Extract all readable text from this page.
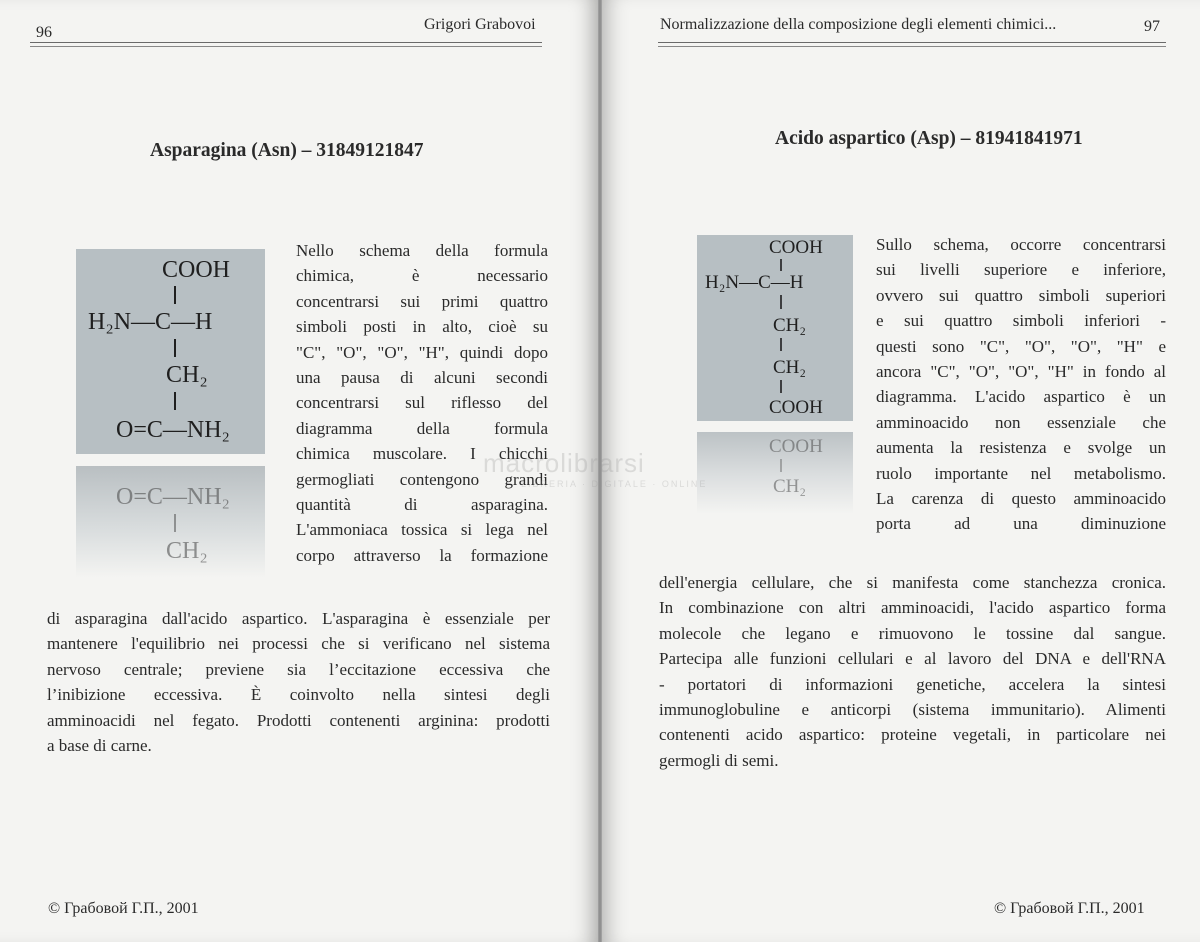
96	Grigori Grabovoi
Asparagina (Asn) – 31849121847
COOH
H₂N—C—H
CH₂
O=C—NH₂
O=C—NH₂
CH₂
Nello schema della formula
chimica, è necessario
concentrarsi sui primi quattro
simboli posti in alto, cioè su
"C", "O", "O", "H", quindi dopo
una pausa di alcuni secondi
concentrarsi sul riflesso del
diagramma della formula
chimica muscolare. I chicchi
germogliati contengono grandi
quantità di asparagina.
L'ammoniaca tossica si lega nel
corpo attraverso la formazione
di asparagina dall'acido aspartico. L'asparagina è essenziale per
mantenere l'equilibrio nei processi che si verificano nel sistema
nervoso centrale; previene sia l’eccitazione eccessiva che
l’inibizione eccessiva. È coinvolto nella sintesi degli
amminoacidi nel fegato. Prodotti contenenti arginina: prodotti
a base di carne.
© Грабовой Г.П., 2001
Normalizzazione della composizione degli elementi chimici...	97
Acido aspartico (Asp) – 81941841971
COOH
H₂N—C—H
CH₂
CH₂
COOH
COOH
CH₂
Sullo schema, occorre concentrarsi
sui livelli superiore e inferiore,
ovvero sui quattro simboli superiori
e sui quattro simboli inferiori -
questi sono "C", "O", "O", "H" e
ancora "C", "O", "O", "H" in fondo al
diagramma. L'acido aspartico è un
amminoacido non essenziale che
aumenta la resistenza e svolge un
ruolo importante nel metabolismo.
La carenza di questo amminoacido
porta ad una diminuzione
dell'energia cellulare, che si manifesta come stanchezza cronica.
In combinazione con altri amminoacidi, l'acido aspartico forma
molecole che legano e rimuovono le tossine dal sangue.
Partecipa alle funzioni cellulari e al lavoro del DNA e dell'RNA
- portatori di informazioni genetiche, accelera la sintesi
immunoglobuline e anticorpi (sistema immunitario). Alimenti
contenenti acido aspartico: proteine vegetali, in particolare nei
germogli di semi.
© Грабовой Г.П., 2001
macrolibrarsi
LIBRERIA · DIGITALE · ONLINE
